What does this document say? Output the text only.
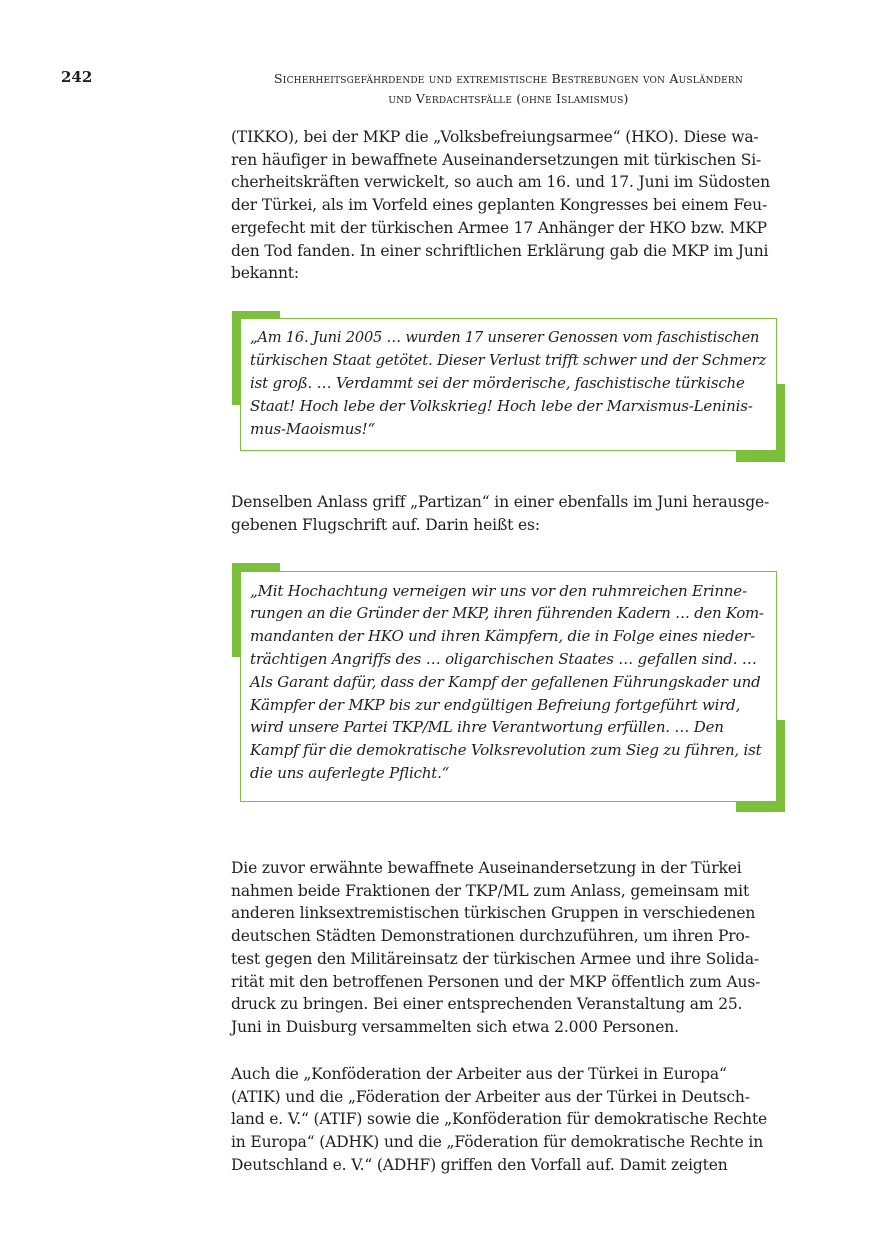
242	Sicherheitsgefährdende und extremistische Bestrebungen von Ausländern
und Verdachtsfälle (ohne Islamismus)

(TIKKO), bei der MKP die „Volksbefreiungsarmee“ (HKO). Diese wa-
ren häufiger in bewaffnete Auseinandersetzungen mit türkischen Si-
cherheitskräften verwickelt, so auch am 16. und 17. Juni im Südosten
der Türkei, als im Vorfeld eines geplanten Kongresses bei einem Feu-
ergefecht mit der türkischen Armee 17 Anhänger der HKO bzw. MKP
den Tod fanden. In einer schriftlichen Erklärung gab die MKP im Juni
bekannt:

„Am 16. Juni 2005 … wurden 17 unserer Genossen vom faschistischen
türkischen Staat getötet. Dieser Verlust trifft schwer und der Schmerz
ist groß. … Verdammt sei der mörderische, faschistische türkische
Staat! Hoch lebe der Volkskrieg! Hoch lebe der Marxismus-Leninis-
mus-Maoismus!“

Denselben Anlass griff „Partizan“ in einer ebenfalls im Juni herausge-
gebenen Flugschrift auf. Darin heißt es:

„Mit Hochachtung verneigen wir uns vor den ruhmreichen Erinne-
rungen an die Gründer der MKP, ihren führenden Kadern … den Kom-
mandanten der HKO und ihren Kämpfern, die in Folge eines nieder-
trächtigen Angriffs des … oligarchischen Staates … gefallen sind. …
Als Garant dafür, dass der Kampf der gefallenen Führungskader und
Kämpfer der MKP bis zur endgültigen Befreiung fortgeführt wird,
wird unsere Partei TKP/ML ihre Verantwortung erfüllen. … Den
Kampf für die demokratische Volksrevolution zum Sieg zu führen, ist
die uns auferlegte Pflicht.“

Die zuvor erwähnte bewaffnete Auseinandersetzung in der Türkei
nahmen beide Fraktionen der TKP/ML zum Anlass, gemeinsam mit
anderen linksextremistischen türkischen Gruppen in verschiedenen
deutschen Städten Demonstrationen durchzuführen, um ihren Pro-
test gegen den Militäreinsatz der türkischen Armee und ihre Solida-
rität mit den betroffenen Personen und der MKP öffentlich zum Aus-
druck zu bringen. Bei einer entsprechenden Veranstaltung am 25.
Juni in Duisburg versammelten sich etwa 2.000 Personen.

Auch die „Konföderation der Arbeiter aus der Türkei in Europa“
(ATIK) und die „Föderation der Arbeiter aus der Türkei in Deutsch-
land e. V.“ (ATIF) sowie die „Konföderation für demokratische Rechte
in Europa“ (ADHK) und die „Föderation für demokratische Rechte in
Deutschland e. V.“ (ADHF) griffen den Vorfall auf. Damit zeigten
